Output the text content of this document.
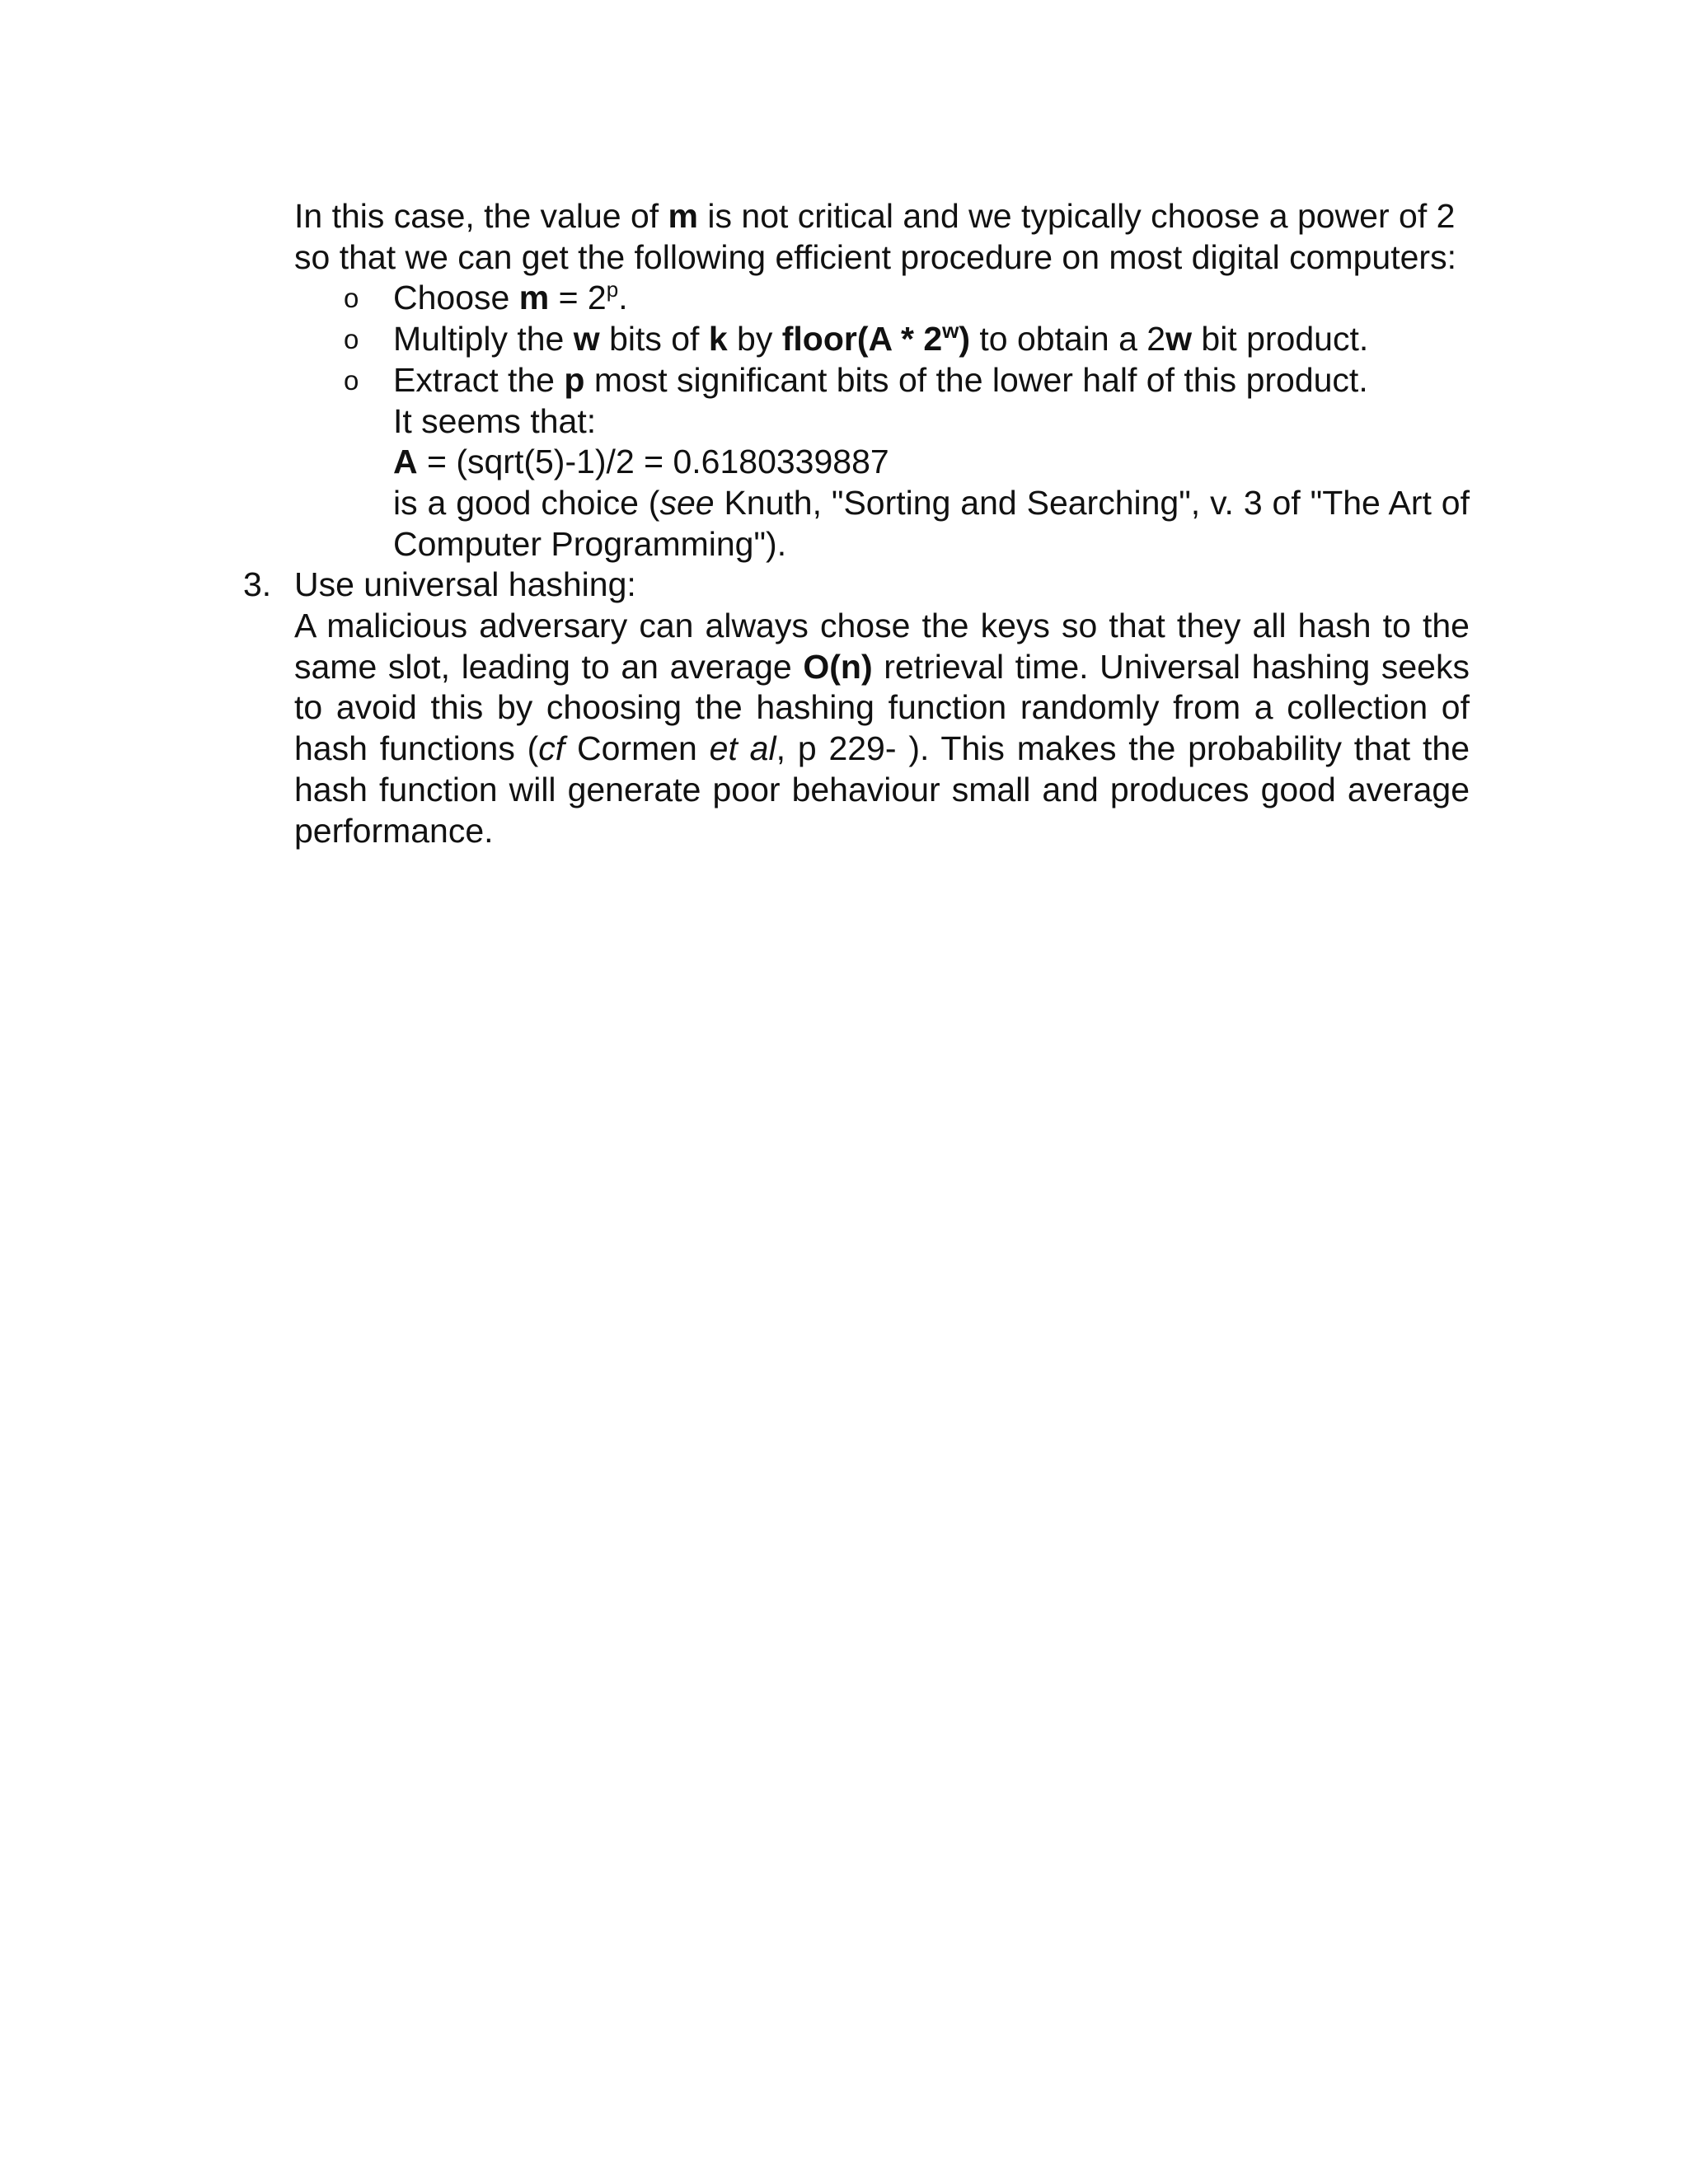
In this case, the value of m is not critical and we typically choose a power of 2 so that we can get the following efficient procedure on most digital computers:

o Choose $m = 2^p$.
o Multiply the w bits of k by floor(A * 2$^w$) to obtain a 2w bit product.
o Extract the p most significant bits of the lower half of this product.
It seems that:
A = (sqrt(5)-1)/2 = 0.6180339887
is a good choice (see Knuth, "Sorting and Searching", v. 3 of "The Art of Computer Programming").
3. Use universal hashing:

A malicious adversary can always chose the keys so that they all hash to the same slot, leading to an average O(n) retrieval time. Universal hashing seeks to avoid this by choosing the hashing function randomly from a collection of hash functions (cf Cormen et al, p 229- ). This makes the probability that the hash function will generate poor behaviour small and produces good average performance.
